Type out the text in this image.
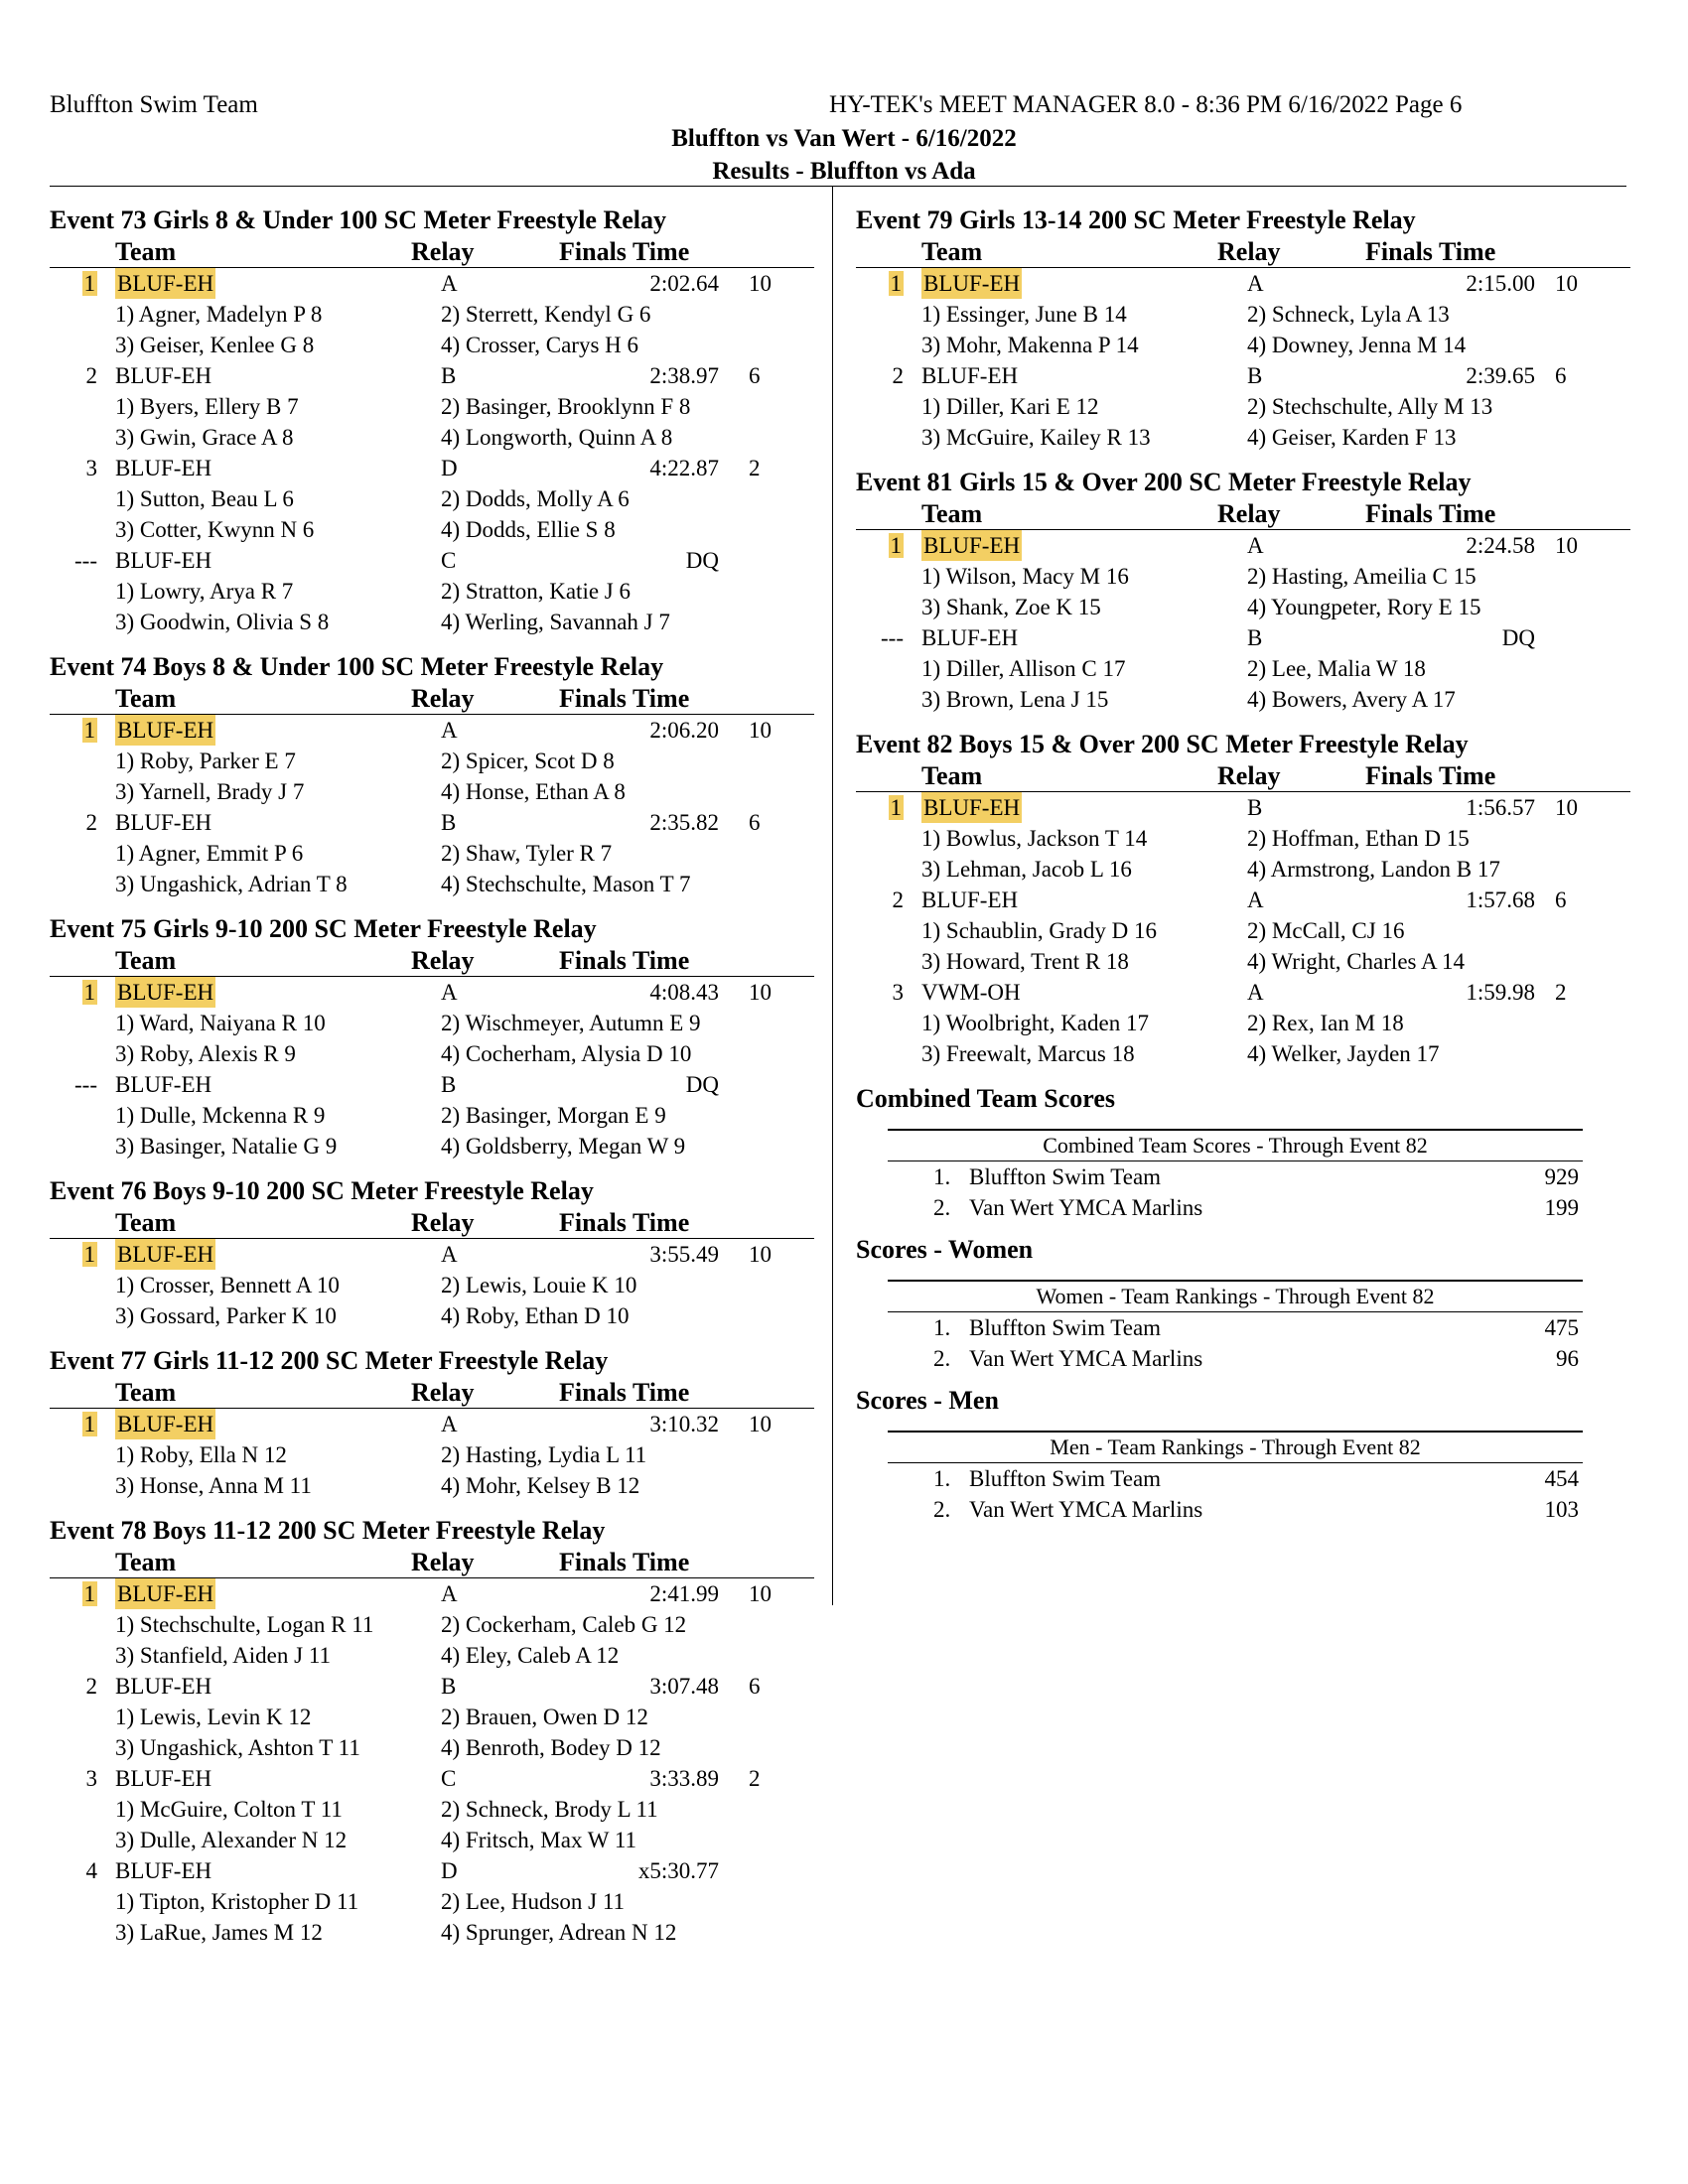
Bluffton Swim Team	HY-TEK's MEET MANAGER 8.0 - 8:36 PM 6/16/2022 Page 6
Bluffton vs Van Wert - 6/16/2022
Results - Bluffton vs Ada
Event 73 Girls 8 & Under 100 SC Meter Freestyle Relay
Team	Relay	Finals Time
1 BLUF-EH	A	2:02.64 10
1) Agner, Madelyn P 8	2) Sterrett, Kendyl G 6
3) Geiser, Kenlee G 8	4) Crosser, Carys H 6
2 BLUF-EH	B	2:38.97 6
1) Byers, Ellery B 7	2) Basinger, Brooklynn F 8
3) Gwin, Grace A 8	4) Longworth, Quinn A 8
3 BLUF-EH	D	4:22.87 2
1) Sutton, Beau L 6	2) Dodds, Molly A 6
3) Cotter, Kwynn N 6	4) Dodds, Ellie S 8
--- BLUF-EH	C	DQ
1) Lowry, Arya R 7	2) Stratton, Katie J 6
3) Goodwin, Olivia S 8	4) Werling, Savannah J 7
Event 74 Boys 8 & Under 100 SC Meter Freestyle Relay
Team	Relay	Finals Time
1 BLUF-EH	A	2:06.20 10
1) Roby, Parker E 7	2) Spicer, Scot D 8
3) Yarnell, Brady J 7	4) Honse, Ethan A 8
2 BLUF-EH	B	2:35.82 6
1) Agner, Emmit P 6	2) Shaw, Tyler R 7
3) Ungashick, Adrian T 8	4) Stechschulte, Mason T 7
Event 75 Girls 9-10 200 SC Meter Freestyle Relay
Team	Relay	Finals Time
1 BLUF-EH	A	4:08.43 10
1) Ward, Naiyana R 10	2) Wischmeyer, Autumn E 9
3) Roby, Alexis R 9	4) Cocherham, Alysia D 10
--- BLUF-EH	B	DQ
1) Dulle, Mckenna R 9	2) Basinger, Morgan E 9
3) Basinger, Natalie G 9	4) Goldsberry, Megan W 9
Event 76 Boys 9-10 200 SC Meter Freestyle Relay
Team	Relay	Finals Time
1 BLUF-EH	A	3:55.49 10
1) Crosser, Bennett A 10	2) Lewis, Louie K 10
3) Gossard, Parker K 10	4) Roby, Ethan D 10
Event 77 Girls 11-12 200 SC Meter Freestyle Relay
Team	Relay	Finals Time
1 BLUF-EH	A	3:10.32 10
1) Roby, Ella N 12	2) Hasting, Lydia L 11
3) Honse, Anna M 11	4) Mohr, Kelsey B 12
Event 78 Boys 11-12 200 SC Meter Freestyle Relay
Team	Relay	Finals Time
1 BLUF-EH	A	2:41.99 10
1) Stechschulte, Logan R 11	2) Cockerham, Caleb G 12
3) Stanfield, Aiden J 11	4) Eley, Caleb A 12
2 BLUF-EH	B	3:07.48 6
1) Lewis, Levin K 12	2) Brauen, Owen D 12
3) Ungashick, Ashton T 11	4) Benroth, Bodey D 12
3 BLUF-EH	C	3:33.89 2
1) McGuire, Colton T 11	2) Schneck, Brody L 11
3) Dulle, Alexander N 12	4) Fritsch, Max W 11
4 BLUF-EH	D	x5:30.77
1) Tipton, Kristopher D 11	2) Lee, Hudson J 11
3) LaRue, James M 12	4) Sprunger, Adrean N 12
Event 79 Girls 13-14 200 SC Meter Freestyle Relay
Team	Relay	Finals Time
1 BLUF-EH	A	2:15.00 10
1) Essinger, June B 14	2) Schneck, Lyla A 13
3) Mohr, Makenna P 14	4) Downey, Jenna M 14
2 BLUF-EH	B	2:39.65 6
1) Diller, Kari E 12	2) Stechschulte, Ally M 13
3) McGuire, Kailey R 13	4) Geiser, Karden F 13
Event 81 Girls 15 & Over 200 SC Meter Freestyle Relay
Team	Relay	Finals Time
1 BLUF-EH	A	2:24.58 10
1) Wilson, Macy M 16	2) Hasting, Ameilia C 15
3) Shank, Zoe K 15	4) Youngpeter, Rory E 15
--- BLUF-EH	B	DQ
1) Diller, Allison C 17	2) Lee, Malia W 18
3) Brown, Lena J 15	4) Bowers, Avery A 17
Event 82 Boys 15 & Over 200 SC Meter Freestyle Relay
Team	Relay	Finals Time
1 BLUF-EH	B	1:56.57 10
1) Bowlus, Jackson T 14	2) Hoffman, Ethan D 15
3) Lehman, Jacob L 16	4) Armstrong, Landon B 17
2 BLUF-EH	A	1:57.68 6
1) Schaublin, Grady D 16	2) McCall, CJ 16
3) Howard, Trent R 18	4) Wright, Charles A 14
3 VWM-OH	A	1:59.98 2
1) Woolbright, Kaden 17	2) Rex, Ian M 18
3) Freewalt, Marcus 18	4) Welker, Jayden 17
Combined Team Scores
Combined Team Scores - Through Event 82
1. Bluffton Swim Team	929
2. Van Wert YMCA Marlins	199
Scores - Women
Women - Team Rankings - Through Event 82
1. Bluffton Swim Team	475
2. Van Wert YMCA Marlins	96
Scores - Men
Men - Team Rankings - Through Event 82
1. Bluffton Swim Team	454
2. Van Wert YMCA Marlins	103
